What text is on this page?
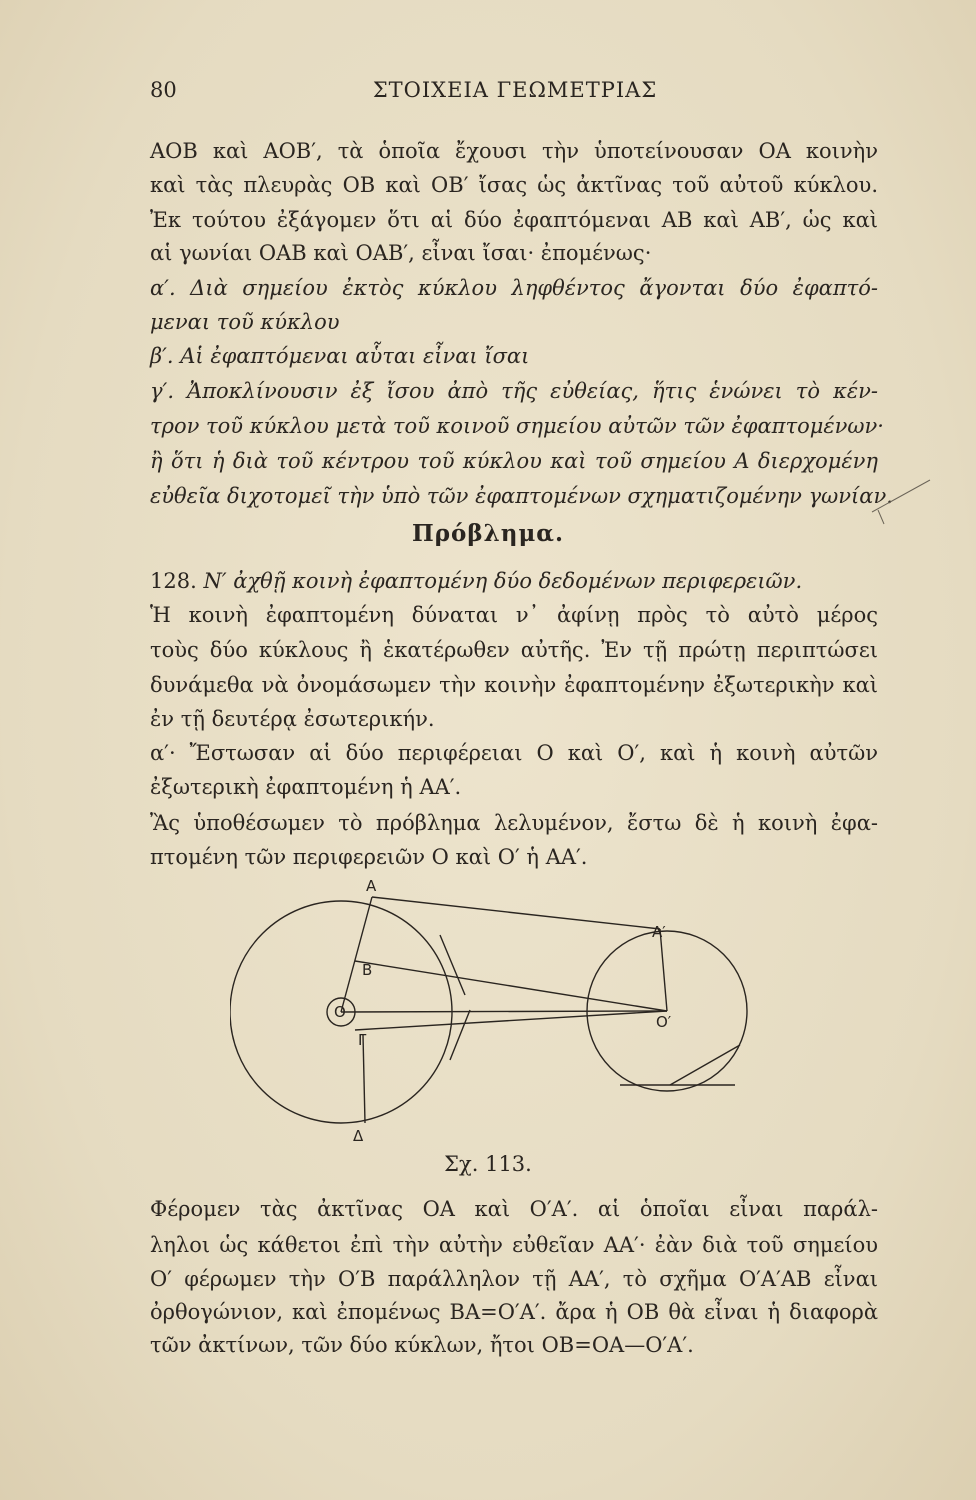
80	ΣΤΟΙΧΕΙΑ ΓΕΩΜΕΤΡΙΑΣ
ΑΟΒ καὶ ΑΟΒ′, τὰ ὁποῖα ἔχουσι τὴν ὑποτείνουσαν ΟΑ κοινὴν
καὶ τὰς πλευρὰς ΟΒ καὶ ΟΒ′ ἴσας ὡς ἀκτῖνας τοῦ αὐτοῦ κύκλου.
Ἐκ τούτου ἐξάγομεν ὅτι αἱ δύο ἐφαπτόμεναι ΑΒ καὶ ΑΒ′, ὡς καὶ
αἱ γωνίαι ΟΑΒ καὶ ΟΑΒ′, εἶναι ἴσαι· ἐπομένως·
α′. Διὰ σημείου ἐκτὸς κύκλου ληφθέντος ἄγονται δύο ἐφαπτό-
μεναι τοῦ κύκλου
β′. Αἱ ἐφαπτόμεναι αὗται εἶναι ἴσαι
γ′. Ἀποκλίνουσιν ἐξ ἴσου ἀπὸ τῆς εὐθείας, ἥτις ἑνώνει τὸ κέν-
τρον τοῦ κύκλου μετὰ τοῦ κοινοῦ σημείου αὐτῶν τῶν ἐφαπτομένων·
ἢ ὅτι ἡ διὰ τοῦ κέντρου τοῦ κύκλου καὶ τοῦ σημείου Α διερχομένη
εὐθεῖα διχοτομεῖ τὴν ὑπὸ τῶν ἐφαπτομένων σχηματιζομένην γωνίαν.
Πρόβλημα.
128. Ν′ ἀχθῇ κοινὴ ἐφαπτομένη δύο δεδομένων περιφερειῶν.
Ἡ κοινὴ ἐφαπτομένη δύναται ν᾿ ἀφίνῃ πρὸς τὸ αὐτὸ μέρος
τοὺς δύο κύκλους ἢ ἑκατέρωθεν αὐτῆς. Ἐν τῇ πρώτῃ περιπτώσει
δυνάμεθα νὰ ὀνομάσωμεν τὴν κοινὴν ἐφαπτομένην ἐξωτερικὴν καὶ
ἐν τῇ δευτέρᾳ ἐσωτερικήν.
α′· Ἔστωσαν αἱ δύο περιφέρειαι Ο καὶ Ο′, καὶ ἡ κοινὴ αὐτῶν
ἐξωτερικὴ ἐφαπτομένη ἡ ΑΑ′.
Ἂς ὑποθέσωμεν τὸ πρόβλημα λελυμένον, ἔστω δὲ ἡ κοινὴ ἐφα-
πτομένη τῶν περιφερειῶν Ο καὶ Ο′ ἡ ΑΑ′.
Α
Α′
Β
Ο
Ο′
Γ
Δ
Σχ. 113.
Φέρομεν τὰς ἀκτῖνας ΟΑ καὶ Ο′Α′. αἱ ὁποῖαι εἶναι παράλ-
ληλοι ὡς κάθετοι ἐπὶ τὴν αὐτὴν εὐθεῖαν ΑΑ′· ἐὰν διὰ τοῦ σημείου
Ο′ φέρωμεν τὴν Ο′Β παράλληλον τῇ ΑΑ′, τὸ σχῆμα Ο′Α′ΑΒ εἶναι
ὀρθογώνιον, καὶ ἐπομένως ΒΑ=Ο′Α′. ἄρα ἡ ΟΒ θὰ εἶναι ἡ διαφορὰ
τῶν ἀκτίνων, τῶν δύο κύκλων, ἤτοι ΟΒ=ΟΑ—Ο′Α′.
